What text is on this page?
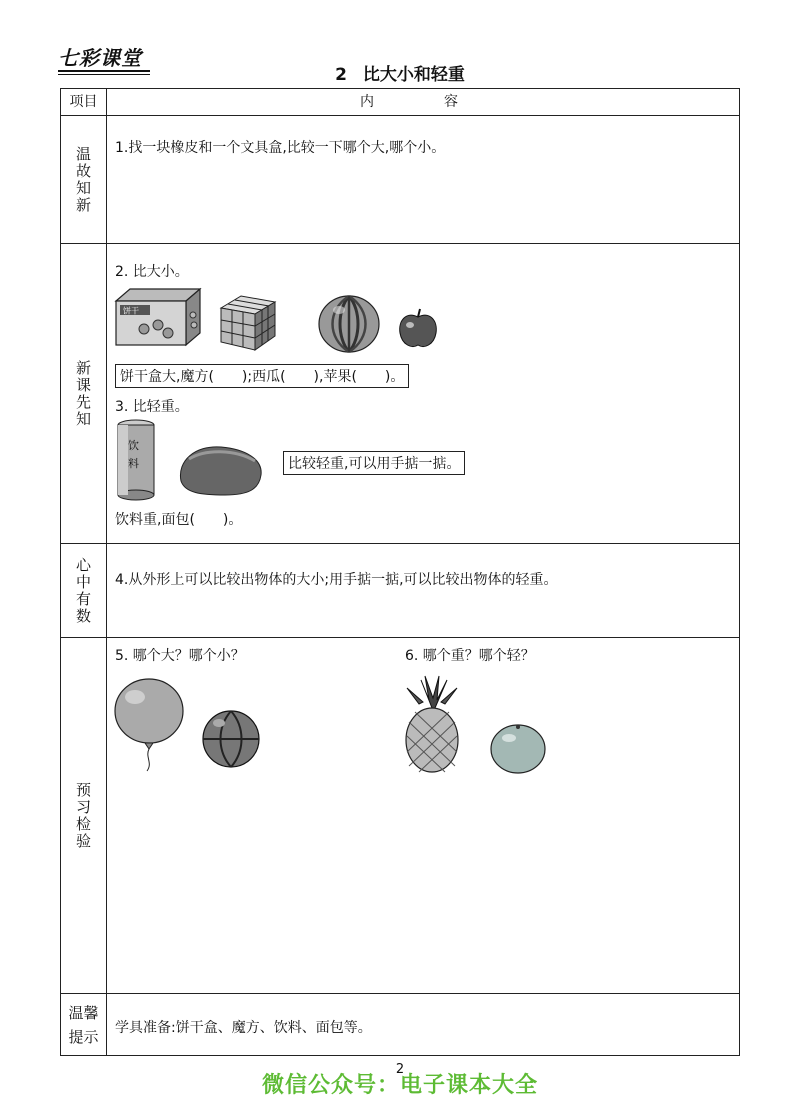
七彩课堂
2 比大小和轻重
项目	内　容
温故知新 1.找一块橡皮和一个文具盒,比较一下哪个大,哪个小。
新课先知
2. 比大小。
饼干
饼干盒大,魔方(　　);西瓜(　　),苹果(　　)。
3. 比轻重。
饮
料	比较轻重,可以用手掂一掂。
饮料重,面包(　　)。
心中有数 4.从外形上可以比较出物体的大小;用手掂一掂,可以比较出物体的轻重。
预习检验
5. 哪个大？哪个小？	6. 哪个重？哪个轻？
温馨提示 学具准备:饼干盒、魔方、饮料、面包等。
2
微信公众号：电子课本大全
